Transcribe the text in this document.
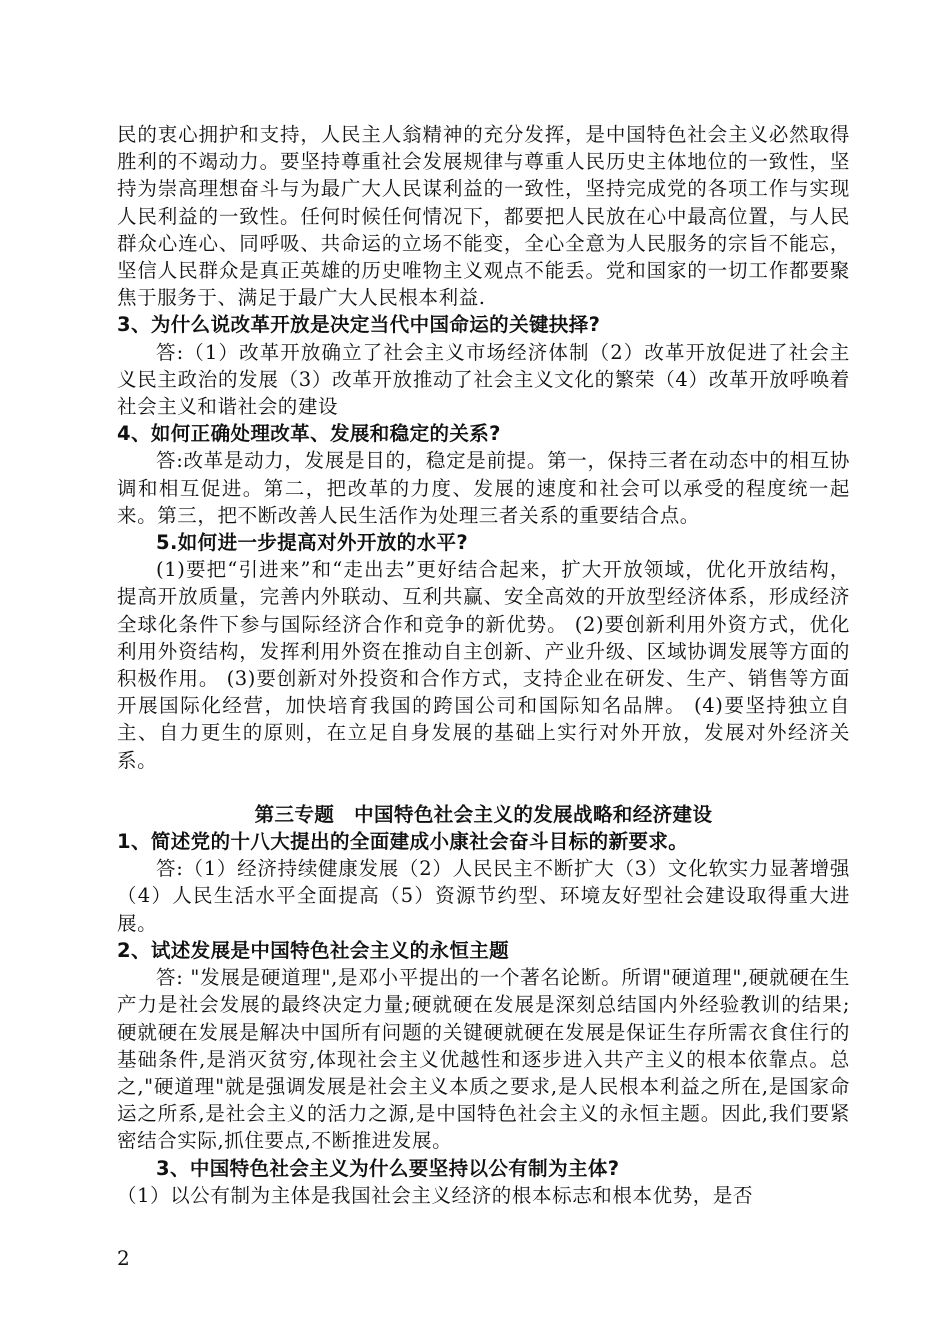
民的衷心拥护和支持，人民主人翁精神的充分发挥，是中国特色社会主义必然取得胜利的不竭动力。要坚持尊重社会发展规律与尊重人民历史主体地位的一致性，坚持为崇高理想奋斗与为最广大人民谋利益的一致性，坚持完成党的各项工作与实现人民利益的一致性。任何时候任何情况下，都要把人民放在心中最高位置，与人民群众心连心、同呼吸、共命运的立场不能变，全心全意为人民服务的宗旨不能忘，坚信人民群众是真正英雄的历史唯物主义观点不能丢。党和国家的一切工作都要聚焦于服务于、满足于最广大人民根本利益.

3、为什么说改革开放是决定当代中国命运的关键抉择?

答:（1）改革开放确立了社会主义市场经济体制（2）改革开放促进了社会主义民主政治的发展（3）改革开放推动了社会主义文化的繁荣（4）改革开放呼唤着社会主义和谐社会的建设

4、如何正确处理改革、发展和稳定的关系?

答:改革是动力，发展是目的，稳定是前提。第一，保持三者在动态中的相互协调和相互促进。第二，把改革的力度、发展的速度和社会可以承受的程度统一起来。第三，把不断改善人民生活作为处理三者关系的重要结合点。

5.如何进一步提高对外开放的水平?

(1)要把“引进来”和“走出去”更好结合起来，扩大开放领域，优化开放结构，提高开放质量，完善内外联动、互利共赢、安全高效的开放型经济体系，形成经济全球化条件下参与国际经济合作和竞争的新优势。 (2)要创新利用外资方式，优化利用外资结构，发挥利用外资在推动自主创新、产业升级、区域协调发展等方面的积极作用。 (3)要创新对外投资和合作方式，支持企业在研发、生产、销售等方面开展国际化经营，加快培育我国的跨国公司和国际知名品牌。 (4)要坚持独立自主、自力更生的原则，在立足自身发展的基础上实行对外开放，发展对外经济关系。

第三专题　中国特色社会主义的发展战略和经济建设

1、简述党的十八大提出的全面建成小康社会奋斗目标的新要求。

答:（1）经济持续健康发展（2）人民民主不断扩大（3）文化软实力显著增强（4）人民生活水平全面提高（5）资源节约型、环境友好型社会建设取得重大进展。

2、试述发展是中国特色社会主义的永恒主题

答: "发展是硬道理",是邓小平提出的一个著名论断。所谓"硬道理",硬就硬在生产力是社会发展的最终决定力量;硬就硬在发展是深刻总结国内外经验教训的结果;硬就硬在发展是解决中国所有问题的关键硬就硬在发展是保证生存所需衣食住行的基础条件,是消灭贫穷,体现社会主义优越性和逐步进入共产主义的根本依靠点。总之,"硬道理"就是强调发展是社会主义本质之要求,是人民根本利益之所在,是国家命运之所系,是社会主义的活力之源,是中国特色社会主义的永恒主题。因此,我们要紧密结合实际,抓住要点,不断推进发展。

3、中国特色社会主义为什么要坚持以公有制为主体?

（1）以公有制为主体是我国社会主义经济的根本标志和根本优势，是否

2
